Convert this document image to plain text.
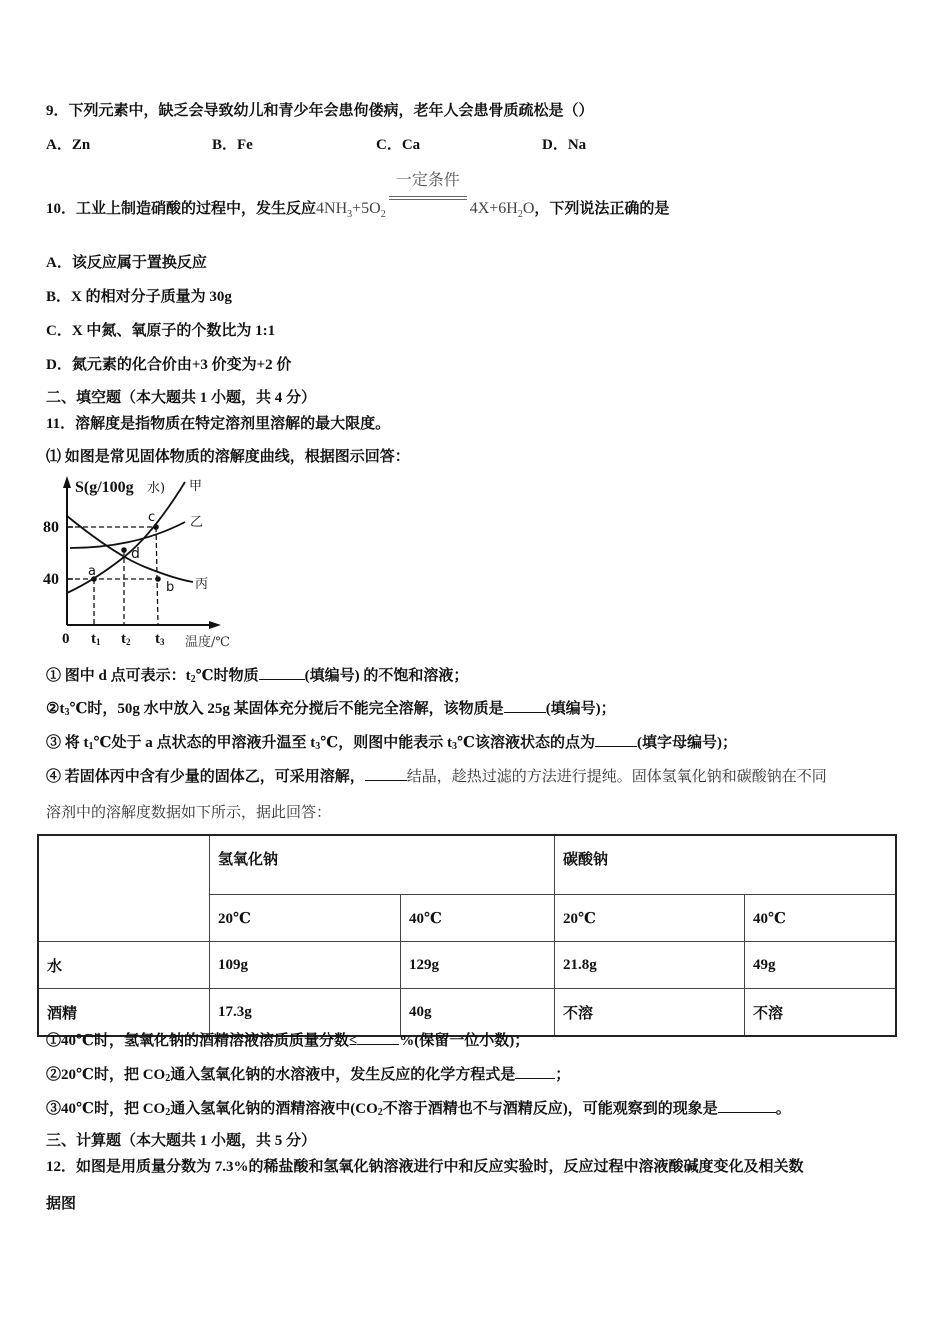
9．下列元素中，缺乏会导致幼儿和青少年会患佝偻病，老年人会患骨质疏松是（）
A．Zn	B．Fe	C．Ca	D．Na
10．工业上制造硝酸的过程中，发生反应$4NH_3+5O_2$
一定条件
$4X+6H_2O$，下列说法正确的是
A．该反应属于置换反应
B．X 的相对分子质量为 30g
C．X 中氮、氧原子的个数比为 1:1
D．氮元素的化合价由+3 价变为+2 价
二、填空题（本大题共 1 小题，共 4 分）
11．溶解度是指物质在特定溶剂里溶解的最大限度。
⑴ 如图是常见固体物质的溶解度曲线，根据图示回答：
S(g/100g 水)
80
40
0 t1 t2 t3 温度/℃
a
b
c
d
甲
乙
丙
① 图中 d 点可表示：$t_2℃$时物质	(填编号) 的不饱和溶液；
$②t_3℃$时，50g 水中放入 25g 某固体充分搅后不能完全溶解，该物质是	(填编号)；
③ 将 $t_1℃$处于 a 点状态的甲溶液升温至 $t_3℃$，则图中能表示 $t_3℃$该溶液状态的点为	(填字母编号)；
④ 若固体丙中含有少量的固体乙，可采用溶解，	结晶，趁热过滤的方法进行提纯。固体氢氧化钠和碳酸钠在不同
溶剂中的溶解度数据如下所示，据此回答：
	氢氧化钠		碳酸钠	
	20℃	40℃	20℃	40℃
水	109g	129g	21.8g	49g
酒精	17.3g	40g	不溶	不溶
①40℃时，氢氧化钠的酒精溶液溶质质量分数≤	%(保留一位小数)；
②20℃时，把 $CO_2$通入氢氧化钠的水溶液中，发生反应的化学方程式是	；
③40℃时，把 $CO_2$通入氢氧化钠的酒精溶液中($CO_2$不溶于酒精也不与酒精反应)，可能观察到的现象是	。
三、计算题（本大题共 1 小题，共 5 分）
12．如图是用质量分数为 7.3%的稀盐酸和氢氧化钠溶液进行中和反应实验时，反应过程中溶液酸碱度变化及相关数
据图
